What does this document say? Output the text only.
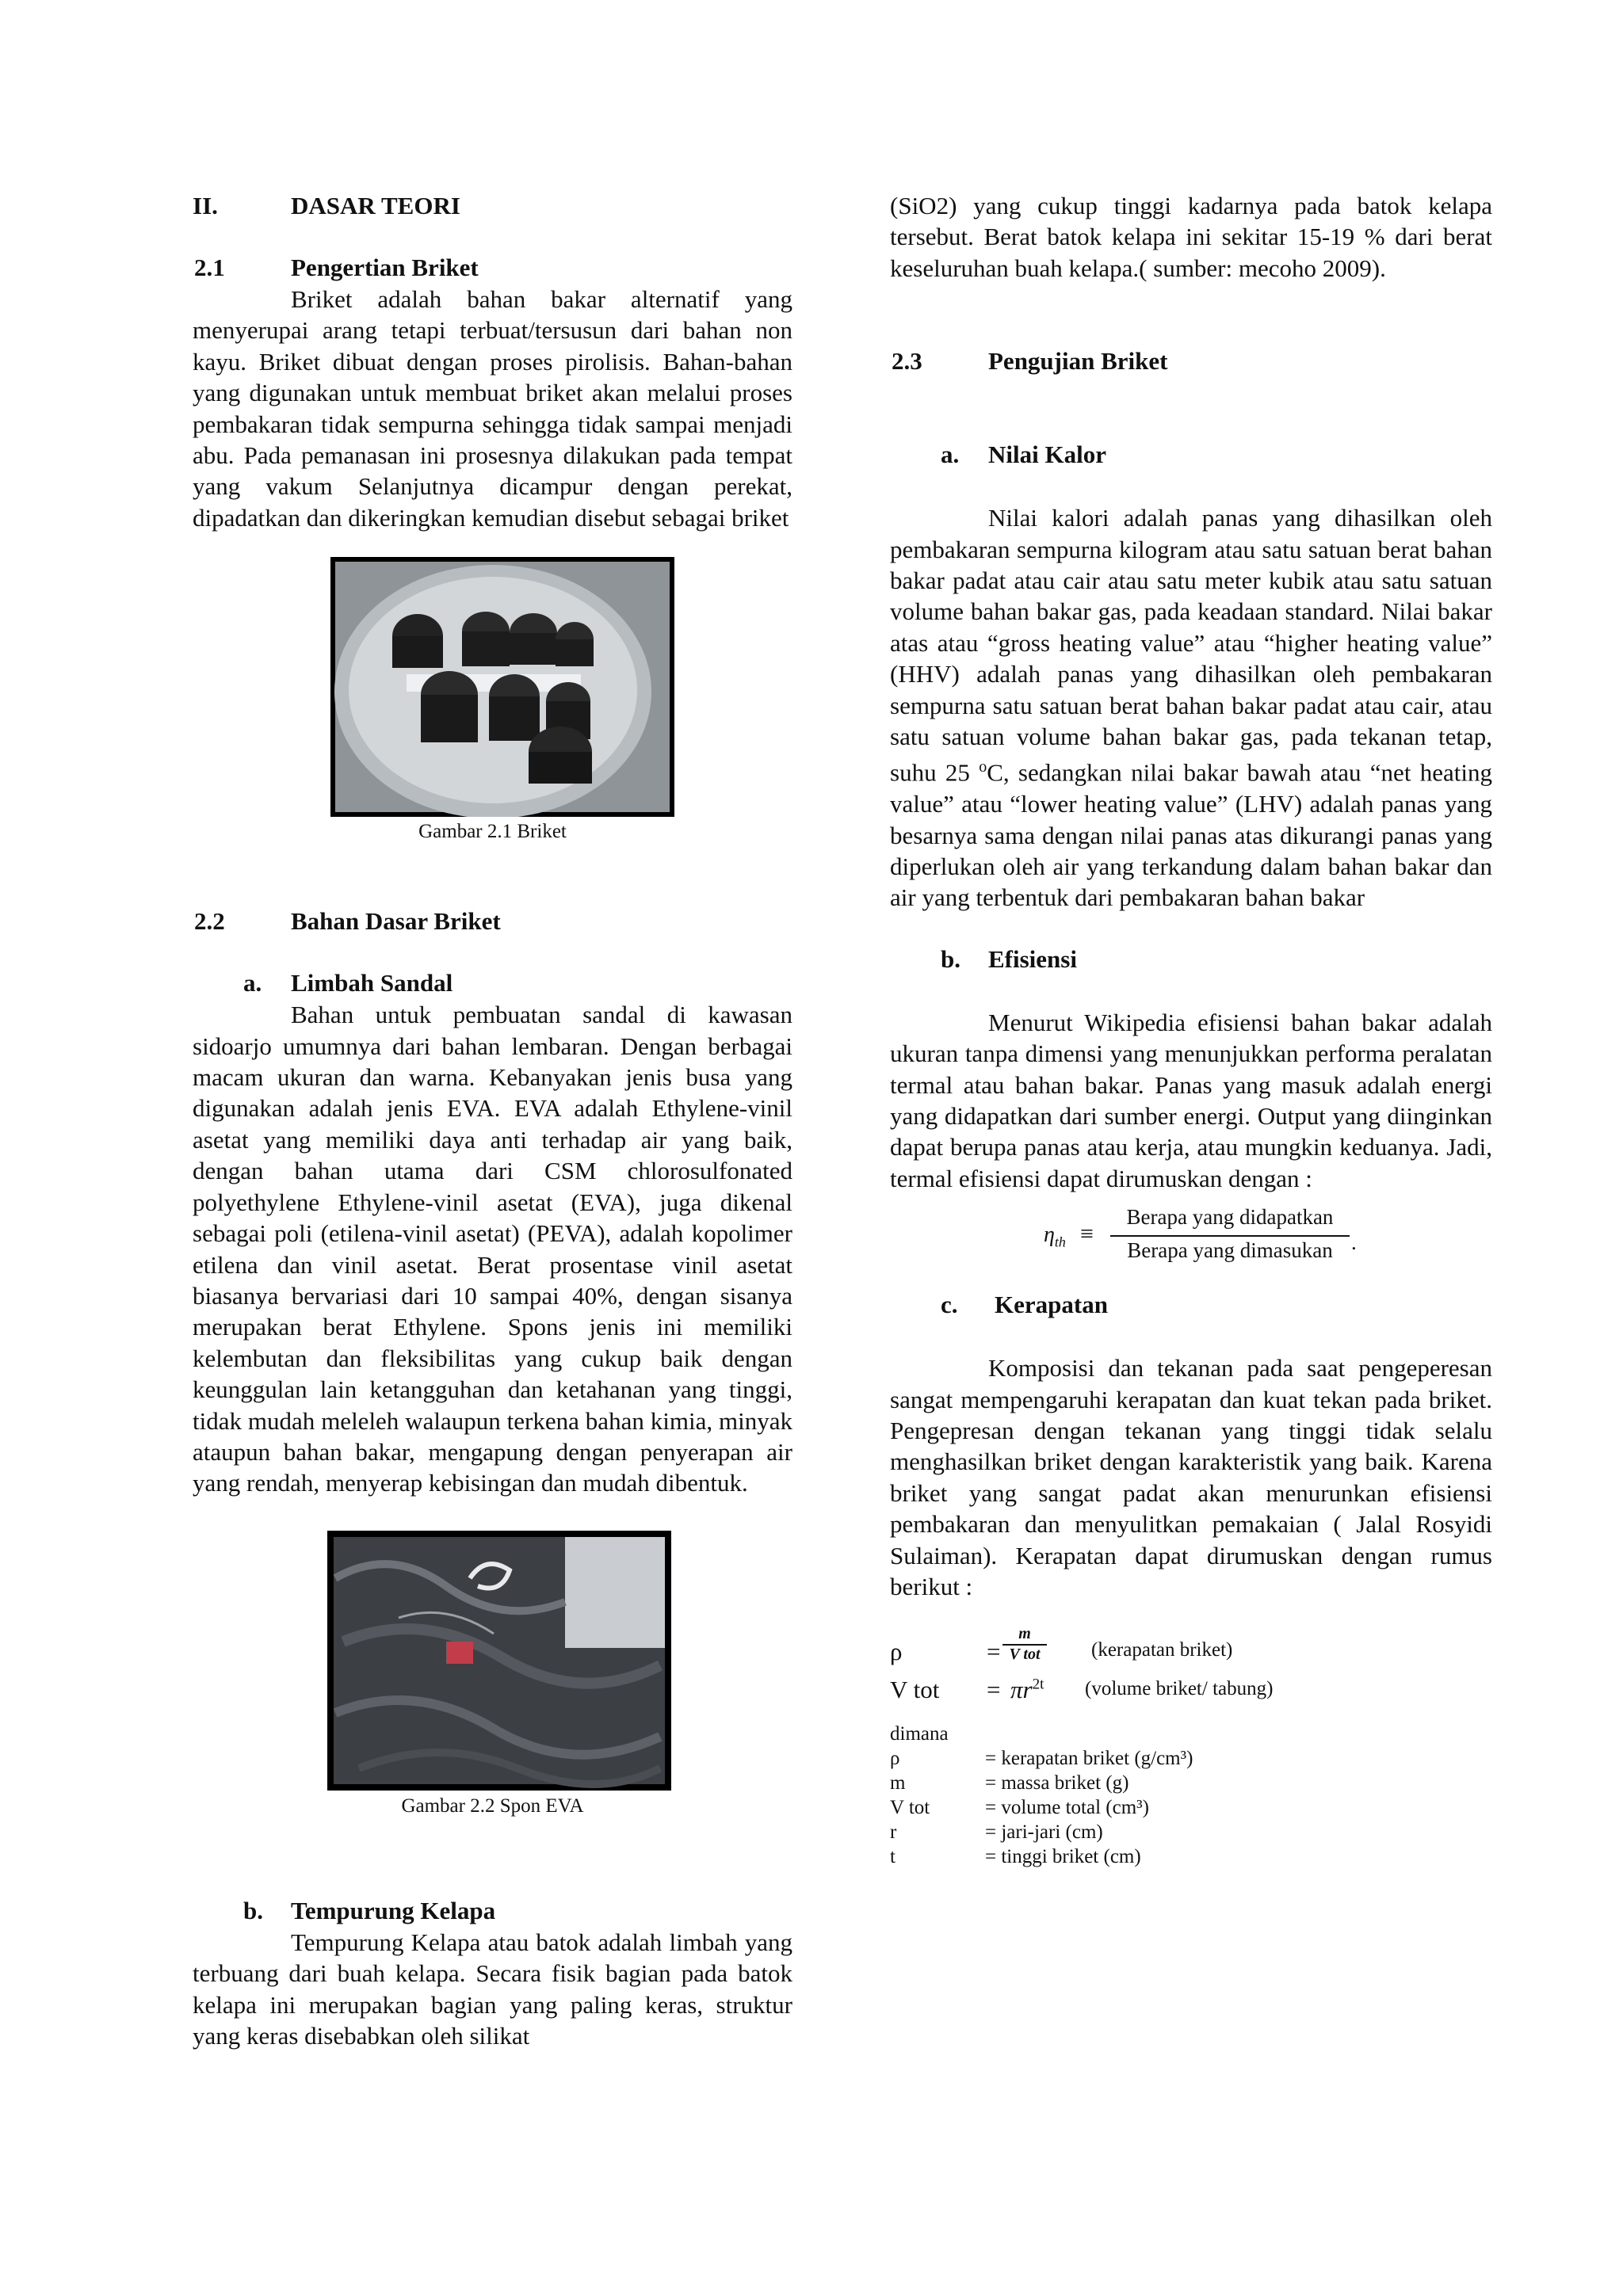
II.	DASAR TEORI
2.1	Pengertian Briket

Briket adalah bahan bakar alternatif yang menyerupai arang tetapi terbuat/tersusun dari bahan non kayu. Briket dibuat dengan proses pirolisis. Bahan-bahan yang digunakan untuk membuat briket akan melalui proses pembakaran tidak sempurna sehingga tidak sampai menjadi abu. Pada pemanasan ini prosesnya dilakukan pada tempat yang vakum Selanjutnya dicampur dengan perekat, dipadatkan dan dikeringkan kemudian disebut sebagai briket

Gambar 2.1 Briket
2.2	Bahan Dasar Briket
a. Limbah Sandal

Bahan untuk pembuatan sandal di kawasan sidoarjo umumnya dari bahan lembaran. Dengan berbagai macam ukuran dan warna. Kebanyakan jenis busa yang digunakan adalah jenis EVA. EVA adalah Ethylene-vinil asetat yang memiliki daya anti terhadap air yang baik, dengan bahan utama dari CSM chlorosulfonated polyethylene Ethylene-vinil asetat (EVA), juga dikenal sebagai poli (etilena-vinil asetat) (PEVA), adalah kopolimer etilena dan vinil asetat. Berat prosentase vinil asetat biasanya bervariasi dari 10 sampai 40%, dengan sisanya merupakan berat Ethylene. Spons jenis ini memiliki kelembutan dan fleksibilitas yang cukup baik dengan keunggulan lain ketangguhan dan ketahanan yang tinggi, tidak mudah meleleh walaupun terkena bahan kimia, minyak ataupun bahan bakar, mengapung dengan penyerapan air yang rendah, menyerap kebisingan dan mudah dibentuk.

Gambar 2.2 Spon EVA
b. Tempurung Kelapa

Tempurung Kelapa atau batok adalah limbah yang terbuang dari buah kelapa. Secara fisik bagian pada batok kelapa ini merupakan bagian yang paling keras, struktur yang keras disebabkan oleh silikat

(SiO2) yang cukup tinggi kadarnya pada batok kelapa tersebut. Berat batok kelapa ini sekitar 15-19 % dari berat keseluruhan buah kelapa.( sumber: mecoho 2009).

2.3	Pengujian Briket
a. Nilai Kalor

Nilai kalori adalah panas yang dihasilkan oleh pembakaran sempurna kilogram atau satu satuan berat bahan bakar padat atau cair atau satu meter kubik atau satu satuan volume bahan bakar gas, pada keadaan standard. Nilai bakar atas atau “gross heating value” atau “higher heating value” (HHV) adalah panas yang dihasilkan oleh pembakaran sempurna satu satuan berat bahan bakar padat atau cair, atau satu satuan volume bahan bakar gas, pada tekanan tetap, suhu 25 $^o$C, sedangkan nilai bakar bawah atau “net heating value” atau “lower heating value” (LHV) adalah panas yang besarnya sama dengan nilai panas atas dikurangi panas yang diperlukan oleh air yang terkandung dalam bahan bakar dan air yang terbentuk dari pembakaran bahan bakar

b. Efisiensi

Menurut Wikipedia efisiensi bahan bakar adalah ukuran tanpa dimensi yang menunjukkan performa peralatan termal atau bahan bakar. Panas yang masuk adalah energi yang didapatkan dari sumber energi. Output yang diinginkan dapat berupa panas atau kerja, atau mungkin keduanya. Jadi, termal efisiensi dapat dirumuskan dengan :

$\eta_{th}$ ≡
Berapa yang didapatkan
Berapa yang dimasukan .
c. Kerapatan

Komposisi dan tekanan pada saat pengeperesan sangat mempengaruhi kerapatan dan kuat tekan pada briket. Pengepresan dengan tekanan yang tinggi tidak selalu menghasilkan briket dengan karakteristik yang baik. Karena briket yang sangat padat akan menurunkan efisiensi pembakaran dan menyulitkan pemakaian ( Jalal Rosyidi Sulaiman). Kerapatan dapat dirumuskan dengan rumus berikut :

ρ	=
m
V tot	(kerapatan briket)
V tot = $\pi r^{2t}$ (volume briket/ tabung)
dimana
ρ	= kerapatan briket (g/cm³)
m	= massa briket (g)
V tot	= volume total (cm³)
r	= jari-jari (cm)
t	= tinggi briket (cm)
